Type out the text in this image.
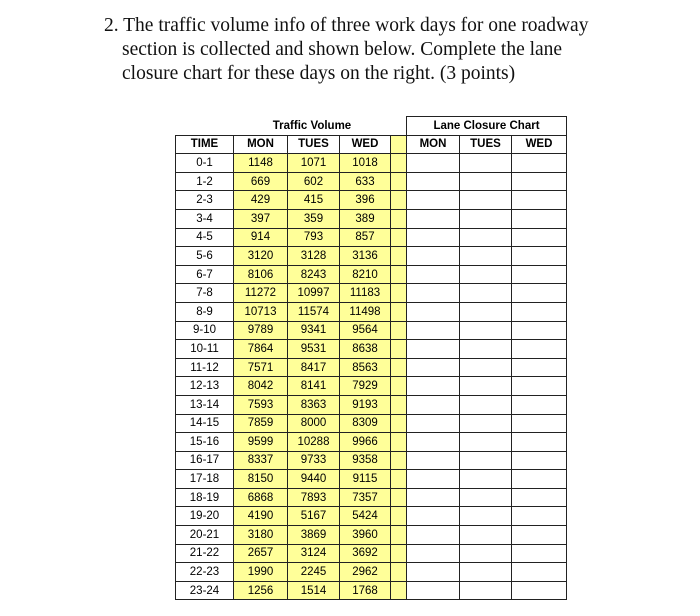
2. The traffic volume info of three work days for one roadway
section is collected and shown below. Complete the lane
closure chart for these days on the right. (3 points)
	Traffic Volume				Lane Closure Chart		
TIME	MON	TUES	WED		MON	TUES	WED
0-1	1148	1071	1018				
1-2	669	602	633				
2-3	429	415	396				
3-4	397	359	389				
4-5	914	793	857				
5-6	3120	3128	3136				
6-7	8106	8243	8210				
7-8	11272	10997	11183				
8-9	10713	11574	11498				
9-10	9789	9341	9564				
10-11	7864	9531	8638				
11-12	7571	8417	8563				
12-13	8042	8141	7929				
13-14	7593	8363	9193				
14-15	7859	8000	8309				
15-16	9599	10288	9966				
16-17	8337	9733	9358				
17-18	8150	9440	9115				
18-19	6868	7893	7357				
19-20	4190	5167	5424				
20-21	3180	3869	3960				
21-22	2657	3124	3692				
22-23	1990	2245	2962				
23-24	1256	1514	1768				
